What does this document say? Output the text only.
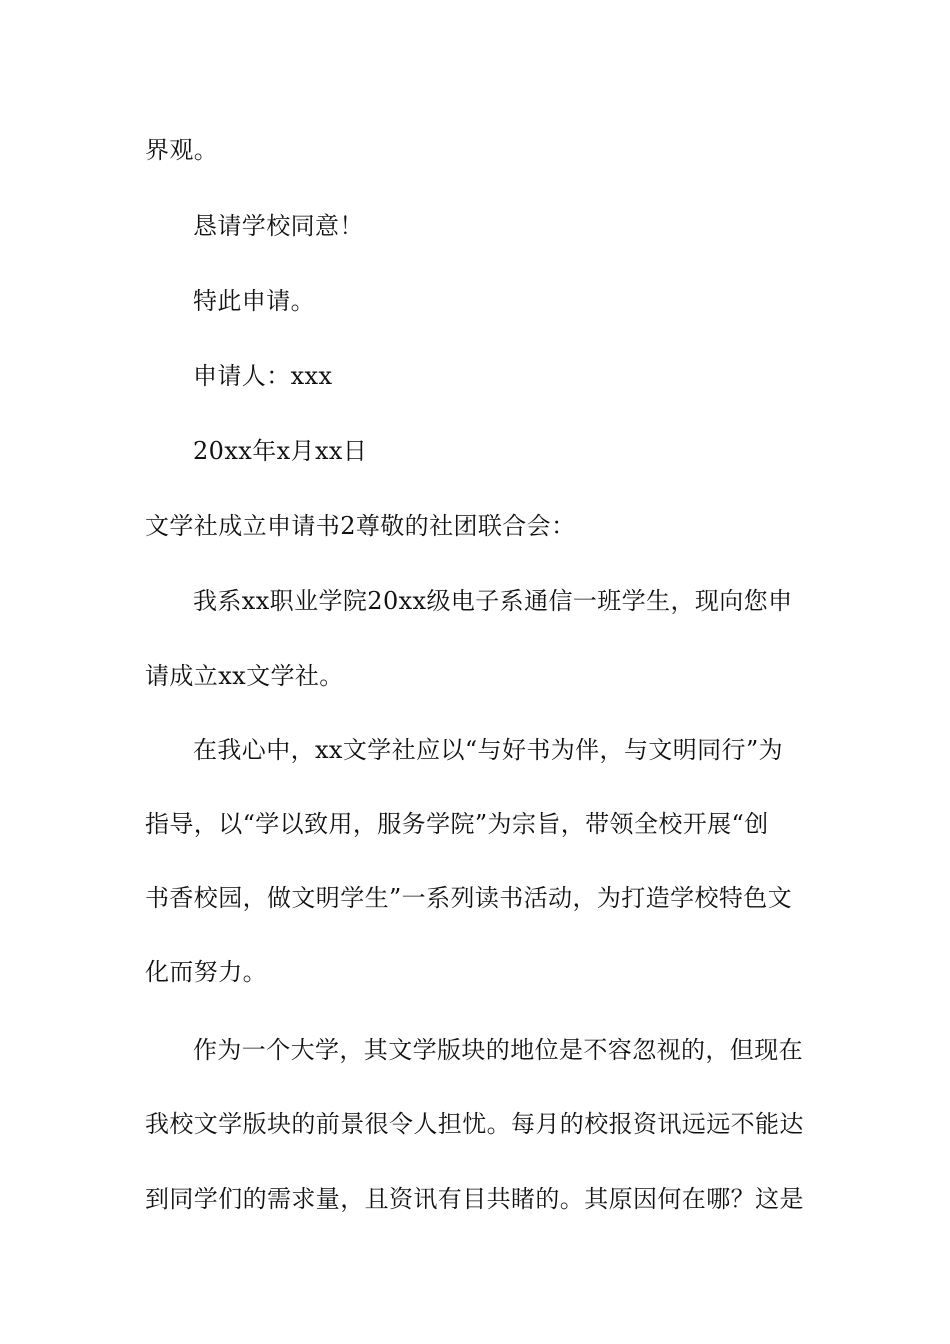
界观。
恳请学校同意！
特此申请。
申请人：xxx
20xx年x月xx日
文学社成立申请书2尊敬的社团联合会：
我系xx职业学院20xx级电子系通信一班学生，现向您申
请成立xx文学社。
在我心中，xx文学社应以“与好书为伴，与文明同行”为
指导，以“学以致用，服务学院”为宗旨，带领全校开展“创
书香校园，做文明学生”一系列读书活动，为打造学校特色文
化而努力。
作为一个大学，其文学版块的地位是不容忽视的，但现在
我校文学版块的前景很令人担忧。每月的校报资讯远远不能达
到同学们的需求量，且资讯有目共睹的。其原因何在哪？这是
